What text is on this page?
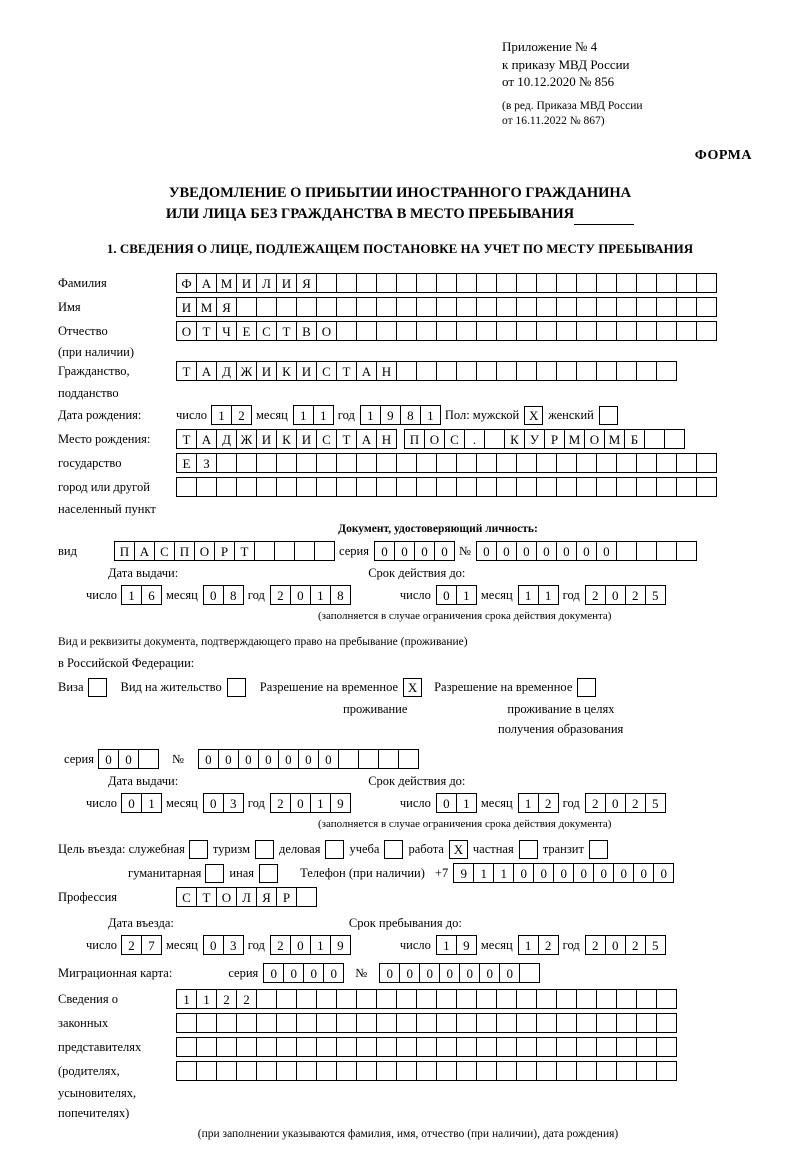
Приложение № 4
к приказу МВД России
от 10.12.2020 № 856
(в ред. Приказа МВД России
от 16.11.2022 № 867)
ФОРМА
УВЕДОМЛЕНИЕ О ПРИБЫТИИ ИНОСТРАННОГО ГРАЖДАНИНА
ИЛИ ЛИЦА БЕЗ ГРАЖДАНСТВА В МЕСТО ПРЕБЫВАНИЯ
1. СВЕДЕНИЯ О ЛИЦЕ, ПОДЛЕЖАЩЕМ ПОСТАНОВКЕ НА УЧЕТ ПО МЕСТУ ПРЕБЫВАНИЯ
Фамилия	Ф А М И Л И Я
Имя	И М Я
Отчество	О Т Ч Е С Т В О
(при наличии)
Гражданство,	Т А Д Ж И К И С Т А Н
подданство
Дата рождения:	число 1	2 месяц 1	1 год 1	9	8	1 Пол: мужской X женский
Место рождения:	Т А Д Ж И К И С Т А Н	П О С	.	К У Р М О М Б
государство	Е З
город или другой
населенный пункт
Документ, удостоверяющий личность:
вид	П А С П О Р Т	серия 0	0	0	0 № 0	0	0	0	0	0	0
Дата выдачи:	Срок действия до:
число 1	6 месяц 0	8 год 2	0	1	8	число 0	1 месяц 1	1 год 2	0	2	5
(заполняется в случае ограничения срока действия документа)
Вид и реквизиты документа, подтверждающего право на пребывание (проживание)
в Российской Федерации:
Виза	Вид на жительство	Разрешение на временное X	Разрешение на временное
проживание	проживание в целях
получения образования
серия 0	0	№	0	0	0	0	0	0	0
Дата выдачи:	Срок действия до:
число 0	1 месяц 0	3 год 2	0	1	9	число 0	1 месяц 1	2 год 2	0	2	5
(заполняется в случае ограничения срока действия документа)
Цель въезда: служебная туризм деловая учеба работа X частная транзит
гуманитарная иная	Телефон (при наличии) +7 9	1	1	0	0	0	0	0	0	0	0
Профессия	С Т О Л Я Р
Дата въезда:	Срок пребывания до:
число 2	7 месяц 0	3 год 2	0	1	9	число 1	9 месяц 1	2 год 2	0	2	5
Миграционная карта:	серия 0	0	0	0	№	0	0	0	0	0	0	0
Сведения о	1	1	2	2
законных
представителях
(родителях,
усыновителях,
попечителях)
(при заполнении указываются фамилия, имя, отчество (при наличии), дата рождения)
